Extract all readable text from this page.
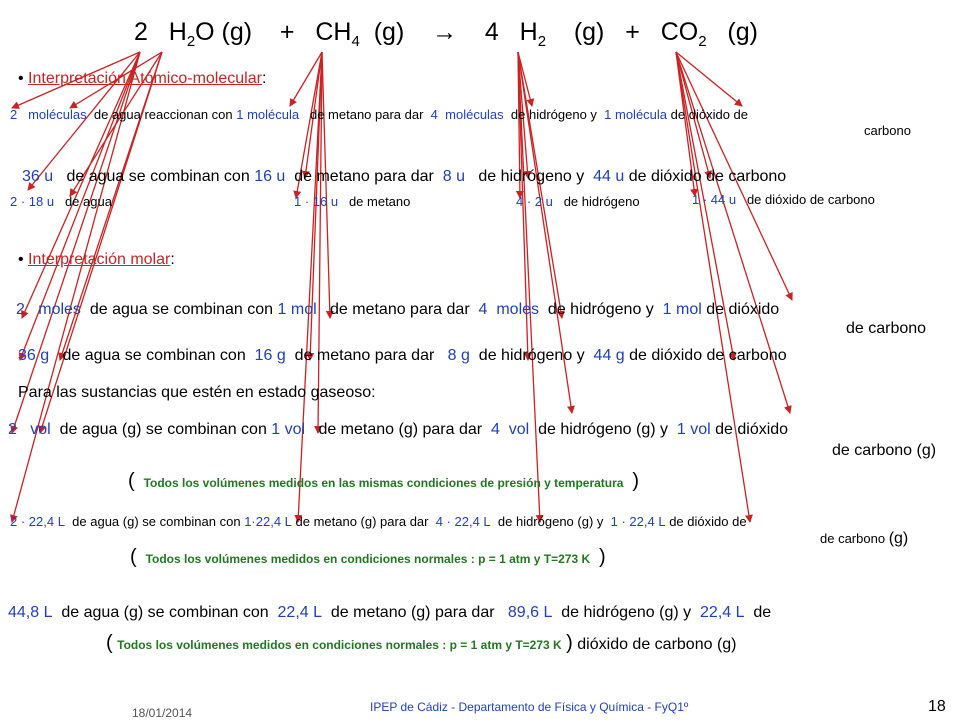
2 $H_2O$ $(g) + CH_4$ (g) → 4 $H_2$ $(g) + CO_2$ (g)
• Interpretación Atómico-molecular:
2 moléculas de agua reaccionan con 1 molécula de metano para dar 4 moléculas de hidrógeno y 1 molécula de dióxido de
carbono
36 u de agua se combinan con 16 u de metano para dar 8 u de hidrógeno y 44 u de dióxido de carbono
2 · 18 u de agua	1 · 16 u de metano	4 · 2 u de hidrógeno	1 · 44 u de dióxido de carbono
• Interpretación molar:
2 moles de agua se combinan con 1 mol de metano para dar 4 moles de hidrógeno y 1 mol de dióxido
de carbono
36 g de agua se combinan con 16 g de metano para dar 8 g de hidrógeno y 44 g de dióxido de carbono
Para las sustancias que estén en estado gaseoso:
2 vol de agua (g) se combinan con 1 vol de metano (g) para dar 4 vol de hidrógeno (g) y 1 vol de dióxido
de carbono (g)
( Todos los volúmenes medidos en las mismas condiciones de presión y temperatura )
2 · 22,4 L de agua (g) se combinan con 1·22,4 L de metano (g) para dar 4 · 22,4 L de hidrógeno (g) y 1 · 22,4 L de dióxido de
de carbono (g)
( Todos los volúmenes medidos en condiciones normales : p = 1 atm y T=273 K )
44,8 L de agua (g) se combinan con 22,4 L de metano (g) para dar 89,6 L de hidrógeno (g) y 22,4 L de
( Todos los volúmenes medidos en condiciones normales : p = 1 atm y T=273 K ) dióxido de carbono (g)
18/01/2014	IPEP de Cádiz - Departamento de Física y Química - FyQ1º	18
